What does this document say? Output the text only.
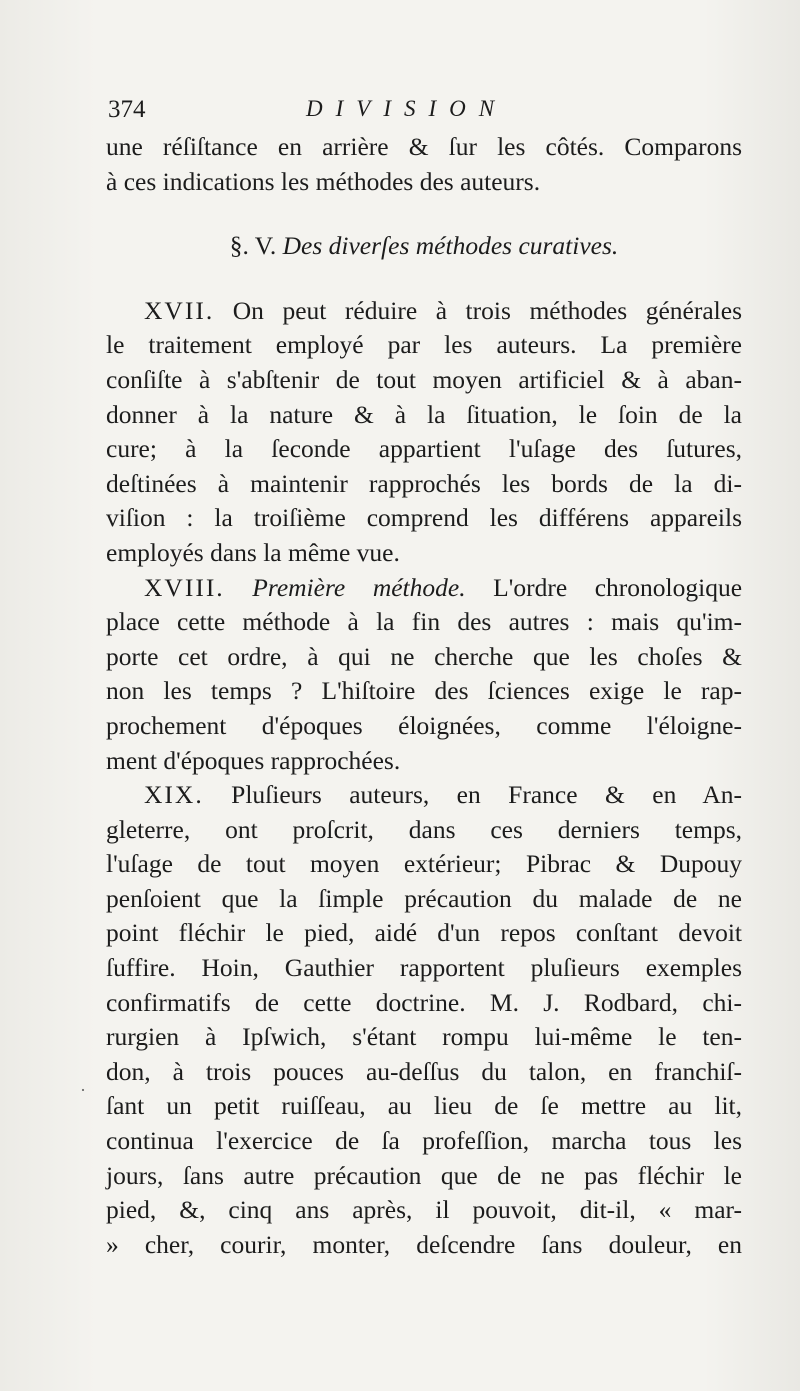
374	DIVISION
une réſiſtance en arrière & ſur les côtés. Comparons
à ces indications les méthodes des auteurs.
§. V. Des diverſes méthodes curatives.
XVII. On peut réduire à trois méthodes générales
le traitement employé par les auteurs. La première
conſiſte à s'abſtenir de tout moyen artificiel & à aban-
donner à la nature & à la ſituation, le ſoin de la
cure; à la ſeconde appartient l'uſage des ſutures,
deſtinées à maintenir rapprochés les bords de la di-
viſion : la troiſième comprend les différens appareils
employés dans la même vue.
XVIII. Première méthode. L'ordre chronologique
place cette méthode à la fin des autres : mais qu'im-
porte cet ordre, à qui ne cherche que les choſes &
non les temps ? L'hiſtoire des ſciences exige le rap-
prochement d'époques éloignées, comme l'éloigne-
ment d'époques rapprochées.
XIX. Pluſieurs auteurs, en France & en An-
gleterre, ont proſcrit, dans ces derniers temps,
l'uſage de tout moyen extérieur; Pibrac & Dupouy
penſoient que la ſimple précaution du malade de ne
point fléchir le pied, aidé d'un repos conſtant devoit
ſuffire. Hoin, Gauthier rapportent pluſieurs exemples
confirmatifs de cette doctrine. M. J. Rodbard, chi-
rurgien à Ipſwich, s'étant rompu lui-même le ten-
don, à trois pouces au-deſſus du talon, en franchiſ-
ſant un petit ruiſſeau, au lieu de ſe mettre au lit,
continua l'exercice de ſa profeſſion, marcha tous les
jours, ſans autre précaution que de ne pas fléchir le
pied, &, cinq ans après, il pouvoit, dit-il, « mar-
» cher, courir, monter, deſcendre ſans douleur, en
·
